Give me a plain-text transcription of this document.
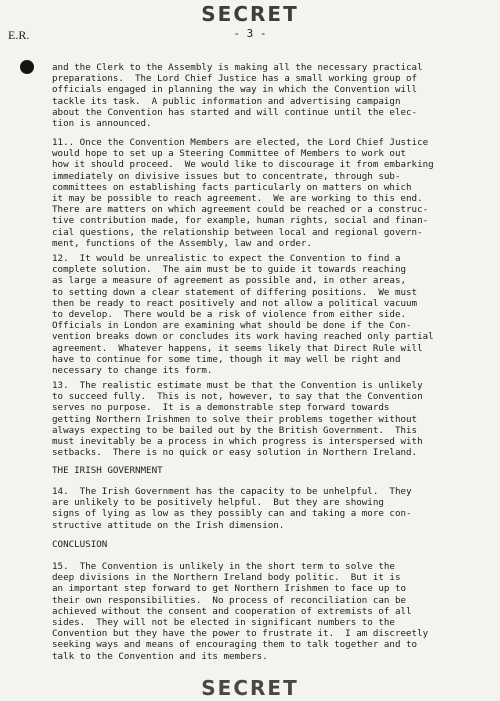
SECRET
E.R.	- 3 -
and the Clerk to the Assembly is making all the necessary practical
preparations.  The Lord Chief Justice has a small working group of
officials engaged in planning the way in which the Convention will
tackle its task.  A public information and advertising campaign
about the Convention has started and will continue until the elec-
tion is announced.
11.. Once the Convention Members are elected, the Lord Chief Justice
would hope to set up a Steering Committee of Members to work out
how it should proceed.  We would like to discourage it from embarking
immediately on divisive issues but to concentrate, through sub-
committees on establishing facts particularly on matters on which
it may be possible to reach agreement.  We are working to this end.
There are matters on which agreement could be reached or a construc-
tive contribution made, for example, human rights, social and finan-
cial questions, the relationship between local and regional govern-
ment, functions of the Assembly, law and order.
12.  It would be unrealistic to expect the Convention to find a
complete solution.  The aim must be to guide it towards reaching
as large a measure of agreement as possible and, in other areas,
to setting down a clear statement of differing positions.  We must
then be ready to react positively and not allow a political vacuum
to develop.  There would be a risk of violence from either side.
Officials in London are examining what should be done if the Con-
vention breaks down or concludes its work having reached only partial
agreement.  Whatever happens, it seems likely that Direct Rule will
have to continue for some time, though it may well be right and
necessary to change its form.
13.  The realistic estimate must be that the Convention is unlikely
to succeed fully.  This is not, however, to say that the Convention
serves no purpose.  It is a demonstrable step forward towards
getting Northern Irishmen to solve their problems together without
always expecting to be bailed out by the British Government.  This
must inevitably be a process in which progress is interspersed with
setbacks.  There is no quick or easy solution in Northern Ireland.
THE IRISH GOVERNMENT
14.  The Irish Government has the capacity to be unhelpful.  They
are unlikely to be positively helpful.  But they are showing
signs of lying as low as they possibly can and taking a more con-
structive attitude on the Irish dimension.
CONCLUSION
15.  The Convention is unlikely in the short term to solve the
deep divisions in the Northern Ireland body politic.  But it is
an important step forward to get Northern Irishmen to face up to
their own responsibilities.  No process of reconciliation can be
achieved without the consent and cooperation of extremists of all
sides.  They will not be elected in significant numbers to the
Convention but they have the power to frustrate it.  I am discreetly
seeking ways and means of encouraging them to talk together and to
talk to the Convention and its members.
SECRET
